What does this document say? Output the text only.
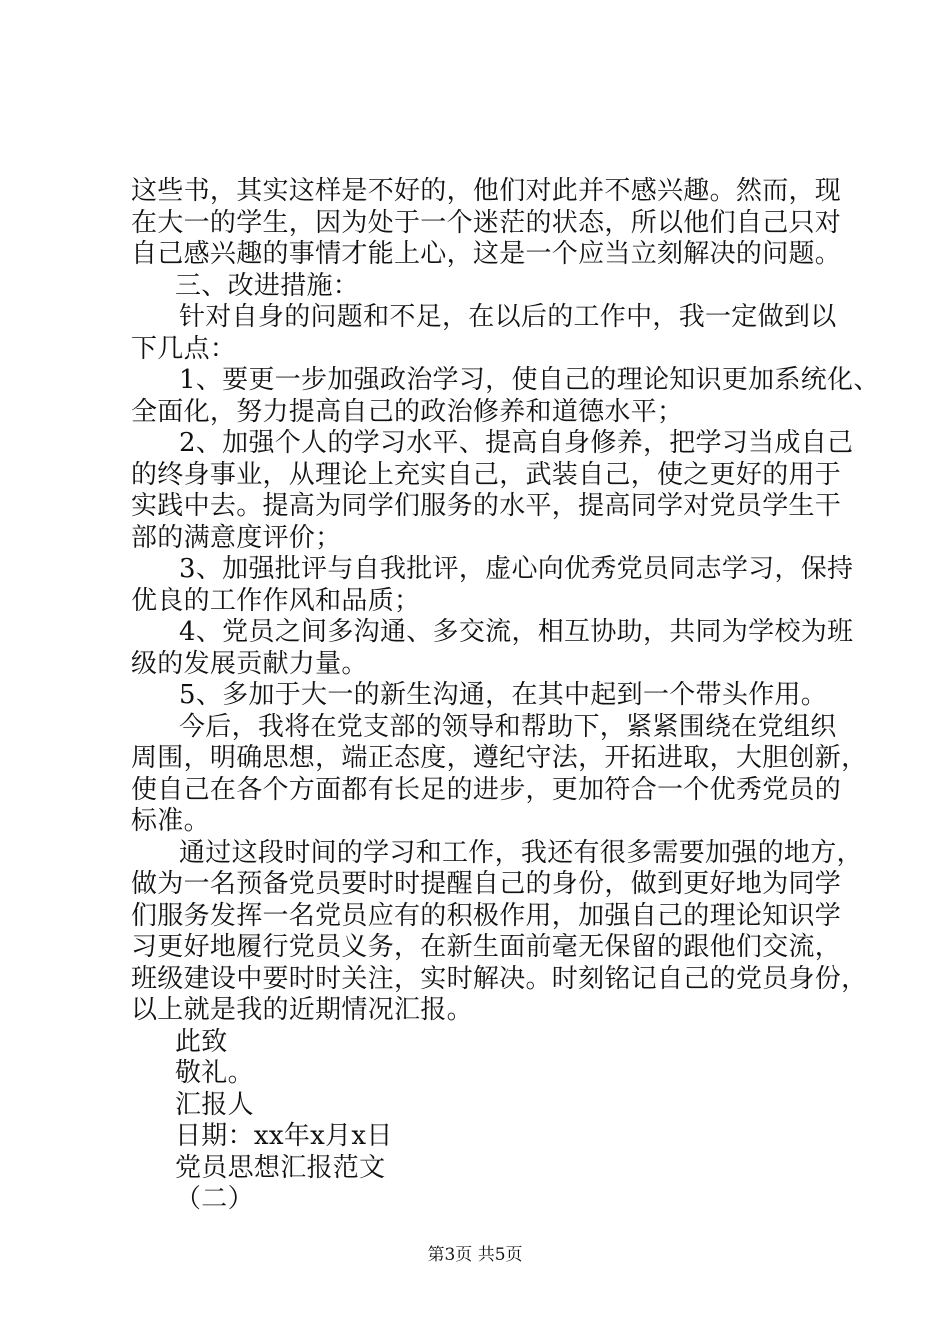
这些书，其实这样是不好的，他们对此并不感兴趣。然而，现
在大一的学生，因为处于一个迷茫的状态，所以他们自己只对
自己感兴趣的事情才能上心，这是一个应当立刻解决的问题。
三、改进措施：
针对自身的问题和不足，在以后的工作中，我一定做到以
下几点：
1、要更一步加强政治学习，使自己的理论知识更加系统化、
全面化，努力提高自己的政治修养和道德水平；
2、加强个人的学习水平、提高自身修养，把学习当成自己
的终身事业，从理论上充实自己，武装自己，使之更好的用于
实践中去。提高为同学们服务的水平，提高同学对党员学生干
部的满意度评价；
3、加强批评与自我批评，虚心向优秀党员同志学习，保持
优良的工作作风和品质；
4、党员之间多沟通、多交流，相互协助，共同为学校为班
级的发展贡献力量。
5、多加于大一的新生沟通，在其中起到一个带头作用。
今后，我将在党支部的领导和帮助下，紧紧围绕在党组织
周围，明确思想，端正态度，遵纪守法，开拓进取，大胆创新，
使自己在各个方面都有长足的进步，更加符合一个优秀党员的
标准。
通过这段时间的学习和工作，我还有很多需要加强的地方，
做为一名预备党员要时时提醒自己的身份，做到更好地为同学
们服务发挥一名党员应有的积极作用，加强自己的理论知识学
习更好地履行党员义务，在新生面前毫无保留的跟他们交流，
班级建设中要时时关注，实时解决。时刻铭记自己的党员身份，
以上就是我的近期情况汇报。
此致
敬礼。
汇报人
日期：xx年x月x日
党员思想汇报范文
（二）
第3页 共5页
